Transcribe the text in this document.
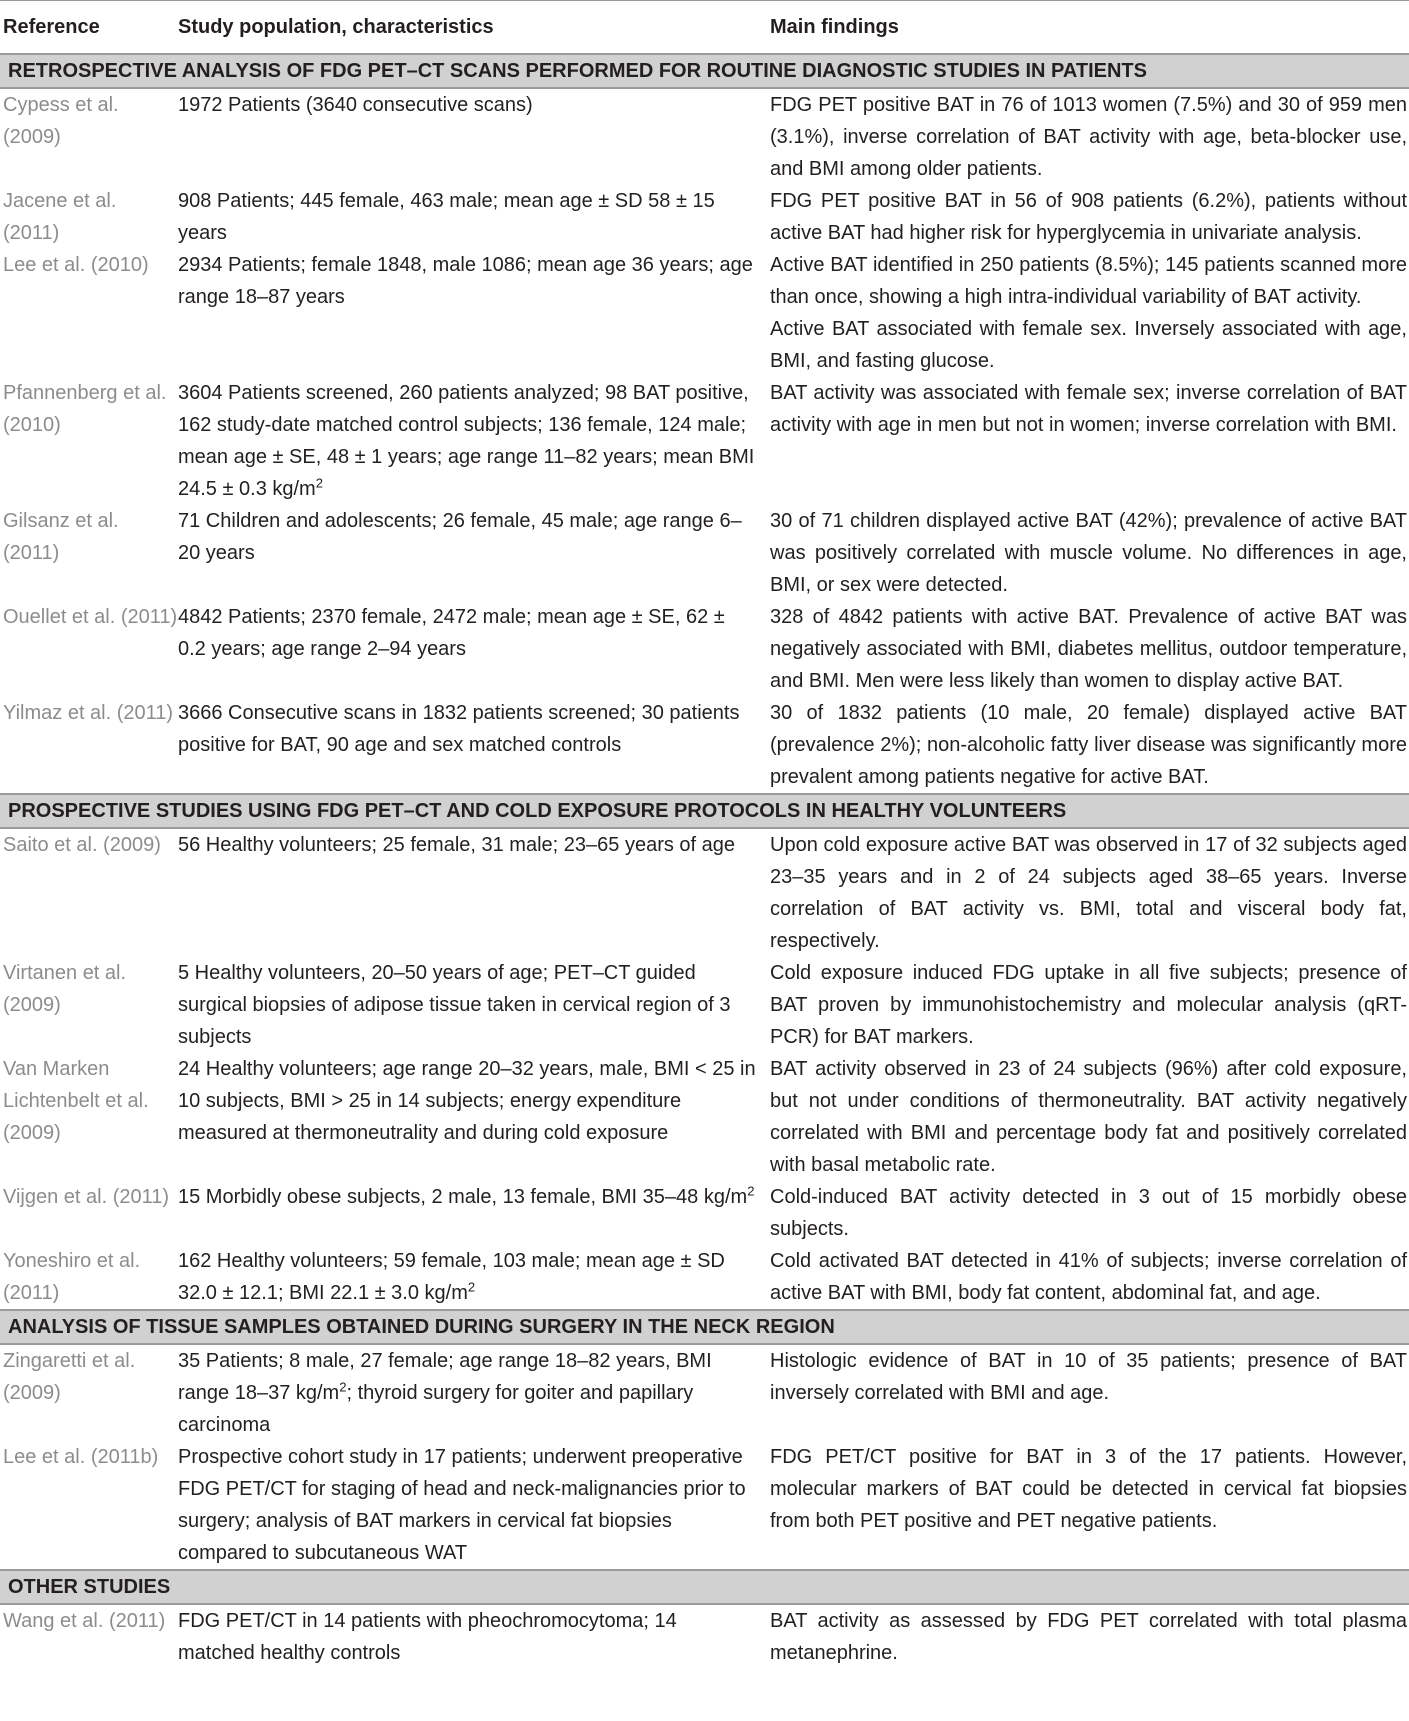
Reference	Study population, characteristics	Main findings
RETROSPECTIVE ANALYSIS OF FDG PET–CT SCANS PERFORMED FOR ROUTINE DIAGNOSTIC STUDIES IN PATIENTS		
Cypess et al. (2009)	1972 Patients (3640 consecutive scans)	FDG PET positive BAT in 76 of 1013 women (7.5%) and 30 of 959 men (3.1%), inverse correlation of BAT activity with age, beta-blocker use, and BMI among older patients.
Jacene et al. (2011)	908 Patients; 445 female, 463 male; mean age ± SD 58 ± 15 years	FDG PET positive BAT in 56 of 908 patients (6.2%), patients without active BAT had higher risk for hyperglycemia in univariate analysis.
Lee et al. (2010)	2934 Patients; female 1848, male 1086; mean age 36 years; age range 18–87 years	Active BAT identified in 250 patients (8.5%); 145 patients scanned more than once, showing a high intra-individual variability of BAT activity.
Active BAT associated with female sex. Inversely associated with age, BMI, and fasting glucose.

Pfannenberg et al. (2010)	3604 Patients screened, 260 patients analyzed; 98 BAT positive, 162 study-date matched control subjects; 136 female, 124 male; mean age ± SE, 48 ± 1 years; age range 11–82 years; mean BMI 24.5 ± 0.3 $kg/m^2$	BAT activity was associated with female sex; inverse correlation of BAT activity with age in men but not in women; inverse correlation with BMI.
Gilsanz et al. (2011)	71 Children and adolescents; 26 female, 45 male; age range 6–20 years	30 of 71 children displayed active BAT (42%); prevalence of active BAT was positively correlated with muscle volume. No differences in age, BMI, or sex were detected.
Ouellet et al. (2011)	4842 Patients; 2370 female, 2472 male; mean age ± SE, 62 ± 0.2 years; age range 2–94 years	328 of 4842 patients with active BAT. Prevalence of active BAT was negatively associated with BMI, diabetes mellitus, outdoor temperature, and BMI. Men were less likely than women to display active BAT.
Yilmaz et al. (2011)	3666 Consecutive scans in 1832 patients screened; 30 patients positive for BAT, 90 age and sex matched controls	30 of 1832 patients (10 male, 20 female) displayed active BAT (prevalence 2%); non-alcoholic fatty liver disease was significantly more prevalent among patients negative for active BAT.
PROSPECTIVE STUDIES USING FDG PET–CT AND COLD EXPOSURE PROTOCOLS IN HEALTHY VOLUNTEERS		
Saito et al. (2009)	56 Healthy volunteers; 25 female, 31 male; 23–65 years of age	Upon cold exposure active BAT was observed in 17 of 32 subjects aged 23–35 years and in 2 of 24 subjects aged 38–65 years. Inverse correlation of BAT activity vs. BMI, total and visceral body fat, respectively.
Virtanen et al. (2009)	5 Healthy volunteers, 20–50 years of age; PET–CT guided surgical biopsies of adipose tissue taken in cervical region of 3 subjects	Cold exposure induced FDG uptake in all five subjects; presence of BAT proven by immunohistochemistry and molecular analysis (qRT-PCR) for BAT markers.
Van Marken Lichtenbelt et al. (2009)	24 Healthy volunteers; age range 20–32 years, male, BMI < 25 in 10 subjects, BMI > 25 in 14 subjects; energy expenditure measured at thermoneutrality and during cold exposure	BAT activity observed in 23 of 24 subjects (96%) after cold exposure, but not under conditions of thermoneutrality. BAT activity negatively correlated with BMI and percentage body fat and positively correlated with basal metabolic rate.
Vijgen et al. (2011)	15 Morbidly obese subjects, 2 male, 13 female, BMI 35–48 $kg/m^2$	Cold-induced BAT activity detected in 3 out of 15 morbidly obese subjects.
Yoneshiro et al. (2011)	162 Healthy volunteers; 59 female, 103 male; mean age ± SD 32.0 ± 12.1; BMI 22.1 ± 3.0 $kg/m^2$	Cold activated BAT detected in 41% of subjects; inverse correlation of active BAT with BMI, body fat content, abdominal fat, and age.
ANALYSIS OF TISSUE SAMPLES OBTAINED DURING SURGERY IN THE NECK REGION		
Zingaretti et al. (2009)	35 Patients; 8 male, 27 female; age range 18–82 years, BMI range 18–37 $kg/m^2$; thyroid surgery for goiter and papillary carcinoma	Histologic evidence of BAT in 10 of 35 patients; presence of BAT inversely correlated with BMI and age.
Lee et al. (2011b)	Prospective cohort study in 17 patients; underwent preoperative FDG PET/CT for staging of head and neck-malignancies prior to surgery; analysis of BAT markers in cervical fat biopsies compared to subcutaneous WAT	FDG PET/CT positive for BAT in 3 of the 17 patients. However, molecular markers of BAT could be detected in cervical fat biopsies from both PET positive and PET negative patients.
OTHER STUDIES		
Wang et al. (2011)	FDG PET/CT in 14 patients with pheochromocytoma; 14 matched healthy controls	BAT activity as assessed by FDG PET correlated with total plasma metanephrine.
